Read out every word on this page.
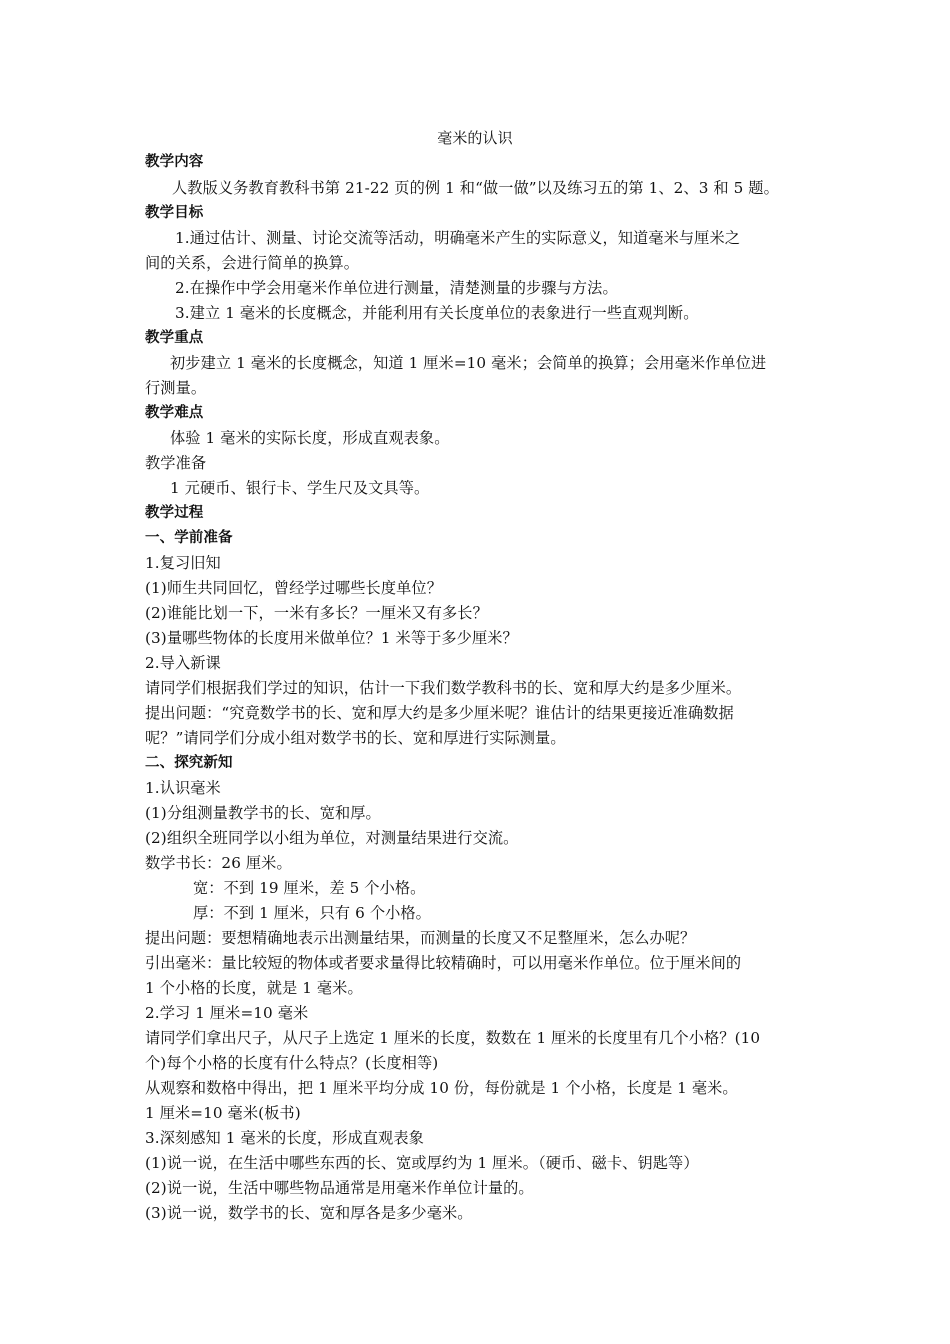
毫米的认识
教学内容
人教版义务教育教科书第 21-22 页的例 1 和“做一做”以及练习五的第 1、2、3 和 5 题。
教学目标
1.通过估计、测量、讨论交流等活动，明确毫米产生的实际意义，知道毫米与厘米之
间的关系，会进行简单的换算。
2.在操作中学会用毫米作单位进行测量，清楚测量的步骤与方法。
3.建立 1 毫米的长度概念，并能利用有关长度单位的表象进行一些直观判断。
教学重点
初步建立 1 毫米的长度概念，知道 1 厘米=10 毫米；会简单的换算；会用毫米作单位进
行测量。
教学难点
体验 1 毫米的实际长度，形成直观表象。
教学准备
1 元硬币、银行卡、学生尺及文具等。
教学过程
一、学前准备
1.复习旧知
(1)师生共同回忆，曾经学过哪些长度单位？
(2)谁能比划一下，一米有多长？一厘米又有多长？
(3)量哪些物体的长度用米做单位？1 米等于多少厘米？
2.导入新课
请同学们根据我们学过的知识，估计一下我们数学教科书的长、宽和厚大约是多少厘米。
提出问题：“究竟数学书的长、宽和厚大约是多少厘米呢？谁估计的结果更接近准确数据
呢？”请同学们分成小组对数学书的长、宽和厚进行实际测量。
二、探究新知
1.认识毫米
(1)分组测量教学书的长、宽和厚。
(2)组织全班同学以小组为单位，对测量结果进行交流。
数学书长：26 厘米。
宽：不到 19 厘米，差 5 个小格。
厚：不到 1 厘米，只有 6 个小格。
提出问题：要想精确地表示出测量结果，而测量的长度又不足整厘米，怎么办呢？
引出毫米：量比较短的物体或者要求量得比较精确时，可以用毫米作单位。位于厘米间的
1 个小格的长度，就是 1 毫米。
2.学习 1 厘米=10 毫米
请同学们拿出尺子，从尺子上选定 1 厘米的长度，数数在 1 厘米的长度里有几个小格？(10
个)每个小格的长度有什么特点？(长度相等)
从观察和数格中得出，把 1 厘米平均分成 10 份，每份就是 1 个小格，长度是 1 毫米。
1 厘米=10 毫米(板书)
3.深刻感知 1 毫米的长度，形成直观表象
(1)说一说，在生活中哪些东西的长、宽或厚约为 1 厘米。（硬币、磁卡、钥匙等）
(2)说一说，生活中哪些物品通常是用毫米作单位计量的。
(3)说一说，数学书的长、宽和厚各是多少毫米。
